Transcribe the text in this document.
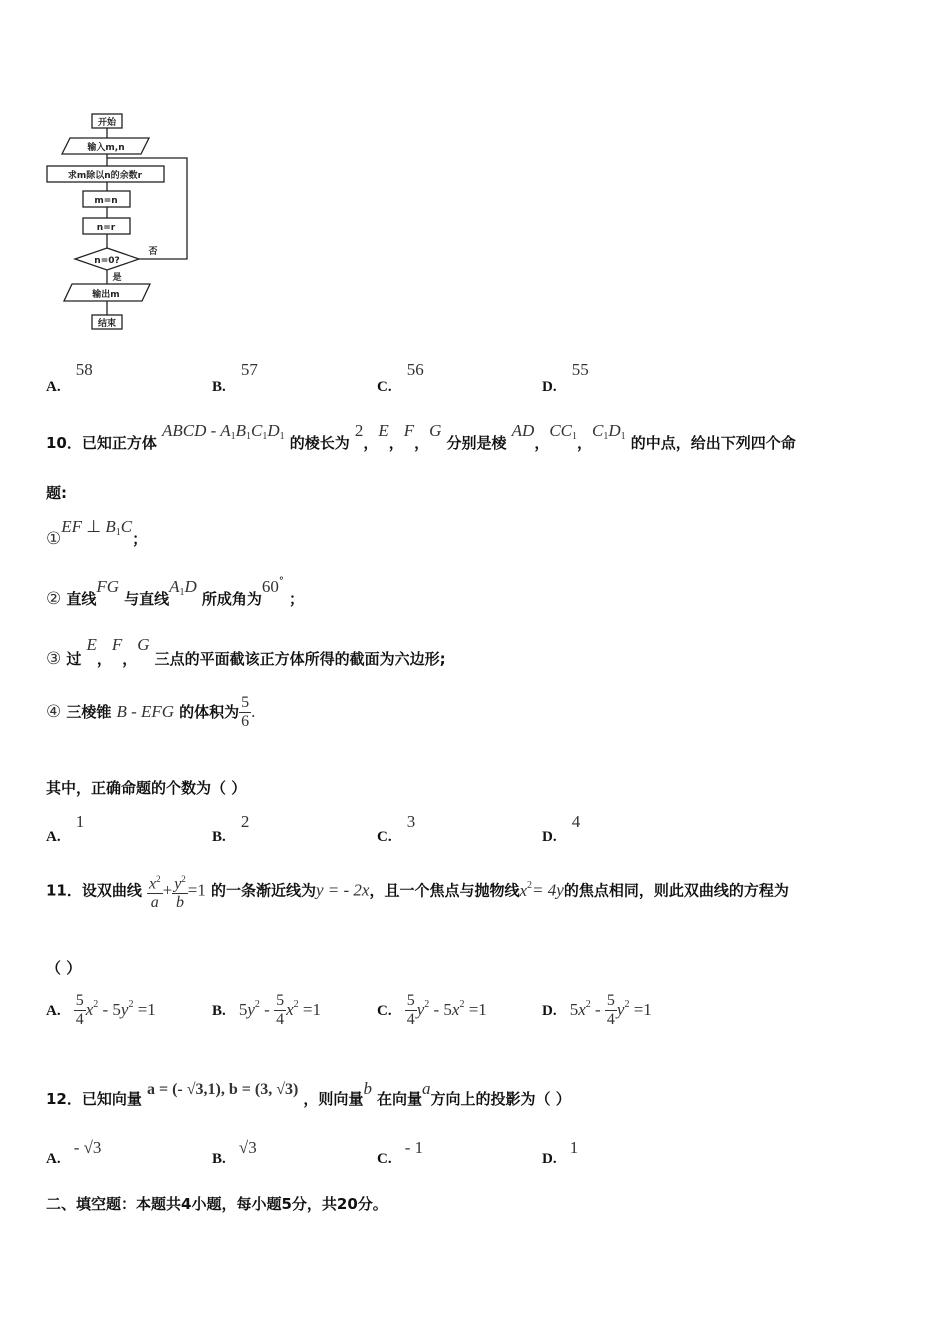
开始
输入m,n
求m除以n的余数r
m=n
n=r
n=0?
是
否
输出m
结束
A. 58
B. 57
C. 56
D. 55
10．已知正方体 ABCD - $A_1B_1C_1D_1$ 的棱长为 2，E，F，G 分别是棱 AD，$CC_1$，$C_1D_1$ 的中点，给出下列四个命
题:
①EF ⊥ $B_1C$；
② 直线FG 与直线$A_1D$ 所成角为60° ；
③ 过 E，F，G 三点的平面截该正方体所得的截面为六边形;
④ 三棱锥 B - EFG 的体积为 $\frac{5}{6}$ .
其中，正确命题的个数为（ ）
A. 1
B. 2
C. 3
D. 4
11．设双曲线 $\frac{x^2}{a} + \frac{y^2}{b} =1$ 的一条渐近线为y = - 2x，且一个焦点与抛物线$x^2= 4y$的焦点相同，则此双曲线的方程为
（ ）
A. $\frac{5}{4} x^2 - 5y^2 =1$	B. $5y^2 - \frac{5}{4} x^2 =1$	C. $\frac{5}{4} y^2 - 5x^2 =1$	D. $5x^2 - \frac{5}{4} y^2 =1$
12．已知向量 a = (- √3,1), b = (3, √3) ，则向量b 在向量a方向上的投影为（ ）
A. - √3
B. √3
C. - 1
D. 1
二、填空题：本题共4小题，每小题5分，共20分。
